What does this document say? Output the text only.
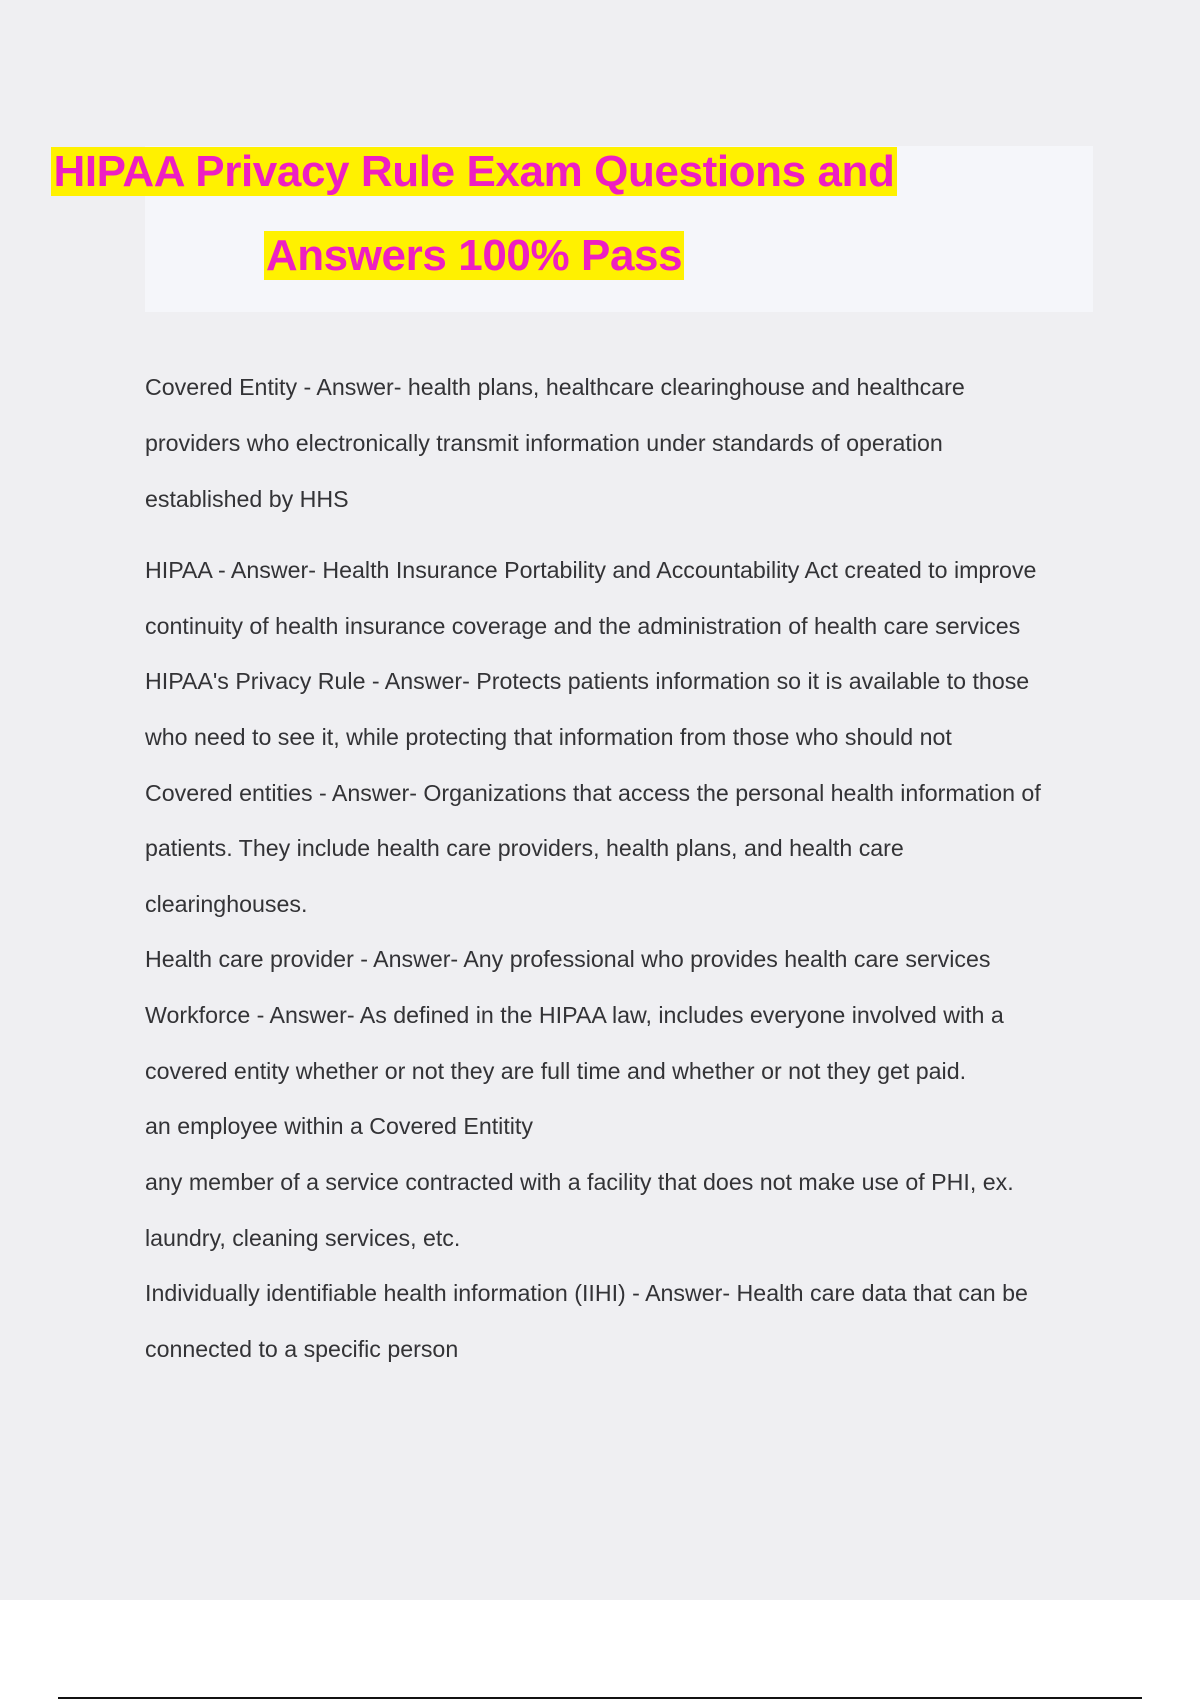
HIPAA Privacy Rule Exam Questions and
Answers 100% Pass
Covered Entity - Answer- health plans, healthcare clearinghouse and healthcare
providers who electronically transmit information under standards of operation
established by HHS
HIPAA - Answer- Health Insurance Portability and Accountability Act created to improve
continuity of health insurance coverage and the administration of health care services
HIPAA's Privacy Rule - Answer- Protects patients information so it is available to those
who need to see it, while protecting that information from those who should not
Covered entities - Answer- Organizations that access the personal health information of
patients. They include health care providers, health plans, and health care
clearinghouses.
Health care provider - Answer- Any professional who provides health care services
Workforce - Answer- As defined in the HIPAA law, includes everyone involved with a
covered entity whether or not they are full time and whether or not they get paid.
an employee within a Covered Entitity
any member of a service contracted with a facility that does not make use of PHI, ex.
laundry, cleaning services, etc.
Individually identifiable health information (IIHI) - Answer- Health care data that can be
connected to a specific person
